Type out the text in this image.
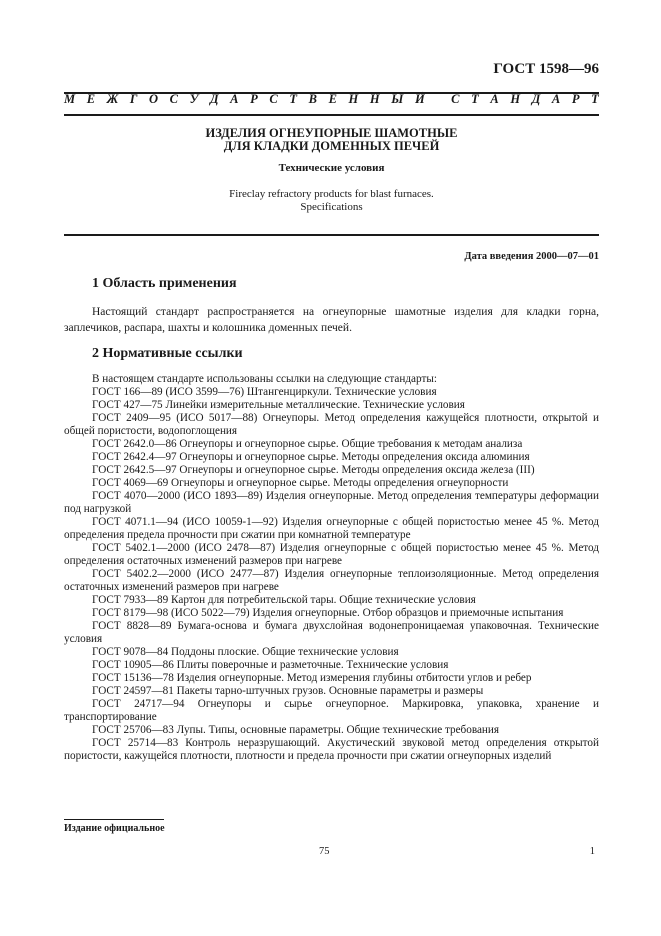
ГОСТ 1598—96
М Е Ж Г О С У Д А Р С Т В Е Н Н Ы Й
С Т А Н Д А Р Т
ИЗДЕЛИЯ ОГНЕУПОРНЫЕ ШАМОТНЫЕ
ДЛЯ КЛАДКИ ДОМЕННЫХ ПЕЧЕЙ
Технические условия
Fireclay refractory products for blast furnaces.
Specifications
Дата введения 2000—07—01
1 Область применения
Настоящий стандарт распространяется на огнеупорные шамотные изделия для кладки горна, заплечиков, распара, шахты и колошника доменных печей.
2 Нормативные ссылки

В настоящем стандарте использованы ссылки на следующие стандарты:

ГОСТ 166—89 (ИСО 3599—76) Штангенциркули. Технические условия

ГОСТ 427—75 Линейки измерительные металлические. Технические условия

ГОСТ 2409—95 (ИСО 5017—88) Огнеупоры. Метод определения кажущейся плотности, открытой и общей пористости, водопоглощения

ГОСТ 2642.0—86 Огнеупоры и огнеупорное сырье. Общие требования к методам анализа

ГОСТ 2642.4—97 Огнеупоры и огнеупорное сырье. Методы определения оксида алюминия

ГОСТ 2642.5—97 Огнеупоры и огнеупорное сырье. Методы определения оксида железа (III)

ГОСТ 4069—69 Огнеупоры и огнеупорное сырье. Методы определения огнеупорности

ГОСТ 4070—2000 (ИСО 1893—89) Изделия огнеупорные. Метод определения температуры деформации под нагрузкой

ГОСТ 4071.1—94 (ИСО 10059-1—92) Изделия огнеупорные с общей пористостью менее 45 %. Метод определения предела прочности при сжатии при комнатной температуре

ГОСТ 5402.1—2000 (ИСО 2478—87) Изделия огнеупорные с общей пористостью менее 45 %. Метод определения остаточных изменений размеров при нагреве

ГОСТ 5402.2—2000 (ИСО 2477—87) Изделия огнеупорные теплоизоляционные. Метод определения остаточных изменений размеров при нагреве

ГОСТ 7933—89 Картон для потребительской тары. Общие технические условия

ГОСТ 8179—98 (ИСО 5022—79) Изделия огнеупорные. Отбор образцов и приемочные испытания

ГОСТ 8828—89 Бумага-основа и бумага двухслойная водонепроницаемая упаковочная. Технические условия

ГОСТ 9078—84 Поддоны плоские. Общие технические условия

ГОСТ 10905—86 Плиты поверочные и разметочные. Технические условия

ГОСТ 15136—78 Изделия огнеупорные. Метод измерения глубины отбитости углов и ребер

ГОСТ 24597—81 Пакеты тарно-штучных грузов. Основные параметры и размеры

ГОСТ 24717—94 Огнеупоры и сырье огнеупорное. Маркировка, упаковка, хранение и транспортирование

ГОСТ 25706—83 Лупы. Типы, основные параметры. Общие технические требования

ГОСТ 25714—83 Контроль неразрушающий. Акустический звуковой метод определения открытой пористости, кажущейся плотности, плотности и предела прочности при сжатии огнеупорных изделий

Издание официальное
75	1
